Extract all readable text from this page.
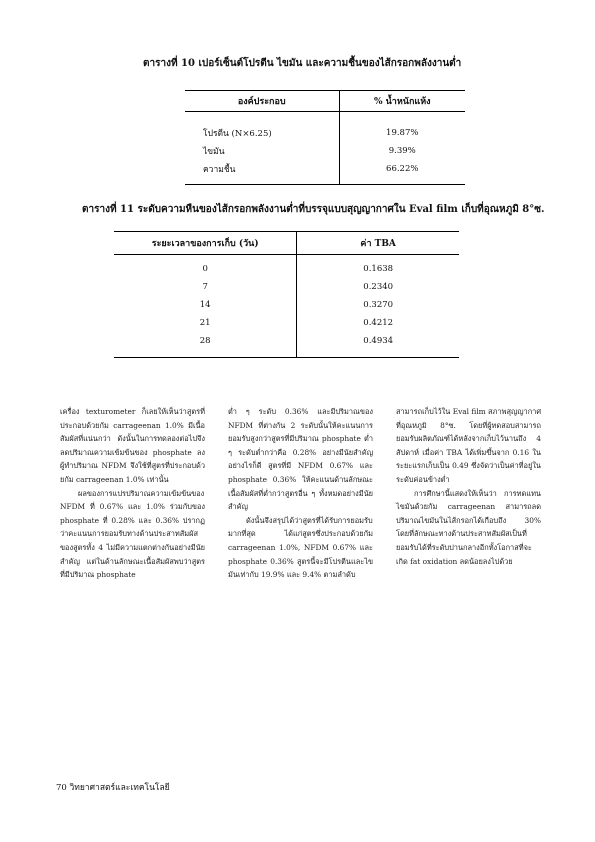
ตารางที่ 10 เปอร์เซ็นต์โปรตีน ไขมัน และความชื้นของไส้กรอกพลังงานต่ำ
องค์ประกอบ	% น้ำหนักแห้ง
โปรตีน (N×6.25)	19.87%
ไขมัน	9.39%
ความชื้น	66.22%
ตารางที่ 11 ระดับความหืนของไส้กรอกพลังงานต่ำที่บรรจุแบบสุญญากาศใน Eval film เก็บที่อุณหภูมิ 8°ซ.
ระยะเวลาของการเก็บ (วัน)	ค่า TBA
0	0.1638
7	0.2340
14	0.3270
21	0.4212
28	0.4934

เครื่อง texturometer ก็เลยให้เห็นว่าสูตรที่ประกอบด้วยกัม carrageenan 1.0% มีเนื้อสัมผัสที่แน่นกว่า ดังนั้นในการทดลองต่อไปจึงลดปริมาณความเข้มข้นของ phosphate ลง ผู้ทำปริมาณ NFDM จึงใช้ที่สูตรที่ประกอบด้วยกัม carrageenan 1.0% เท่านั้น

ผลของการแปรปริมาณความเข้มข้นของ NFDM ที่ 0.67% และ 1.0% ร่วมกับของ phosphate ที่ 0.28% และ 0.36% ปรากฏว่าคะแนนการยอมรับทางด้านประสาทสัมผัสของสูตรทั้ง 4 ไม่มีความแตกต่างกันอย่างมีนัยสำคัญ แต่ในด้านลักษณะเนื้อสัมผัสพบว่าสูตรที่มีปริมาณ phosphate

ต่ำ ๆ ระดับ 0.36% และมีปริมาณของ NFDM ที่ต่างกัน 2 ระดับนั้นให้คะแนนการยอมรับสูงกว่าสูตรที่มีปริมาณ phosphate ต่ำ ๆ ระดับต่ำกว่าคือ 0.28% อย่างมีนัยสำคัญ อย่างไรก็ดี สูตรที่มี NFDM 0.67% และ phosphate 0.36% ให้คะแนนด้านลักษณะเนื้อสัมผัสที่ต่ำกว่าสูตรอื่น ๆ ทั้งหมดอย่างมีนัยสำคัญ

ดังนั้นจึงสรุปได้ว่าสูตรที่ได้รับการยอมรับมากที่สุด ได้แก่สูตรซึ่งประกอบด้วยกัม carrageenan 1.0%, NFDM 0.67% และ phosphate 0.36% สูตรนี้จะมีโปรตีนและไขมันเท่ากับ 19.9% และ 9.4% ตามลำดับ

สามารถเก็บไว้ใน Eval film สภาพสุญญากาศที่อุณหภูมิ 8°ซ. โดยที่ผู้ทดสอบสามารถยอมรับผลิตภัณฑ์ได้หลังจากเก็บไว้นานถึง 4 สัปดาห์ เมื่อค่า TBA ได้เพิ่มขึ้นจาก 0.16 ในระยะแรกเก็บเป็น 0.49 ซึ่งจัดว่าเป็นค่าที่อยู่ในระดับค่อนข้างต่ำ

การศึกษานี้แสดงให้เห็นว่า การทดแทนไขมันด้วยกัม carrageenan สามารถลดปริมาณไขมันในไส้กรอกได้เกือบถึง 30% โดยที่ลักษณะทางด้านประสาทสัมผัสเป็นที่ยอมรับได้ที่ระดับปานกลางอีกทั้งโอกาสที่จะเกิด fat oxidation ลดน้อยลงไปด้วย

70 วิทยาศาสตร์และเทคโนโลยี
